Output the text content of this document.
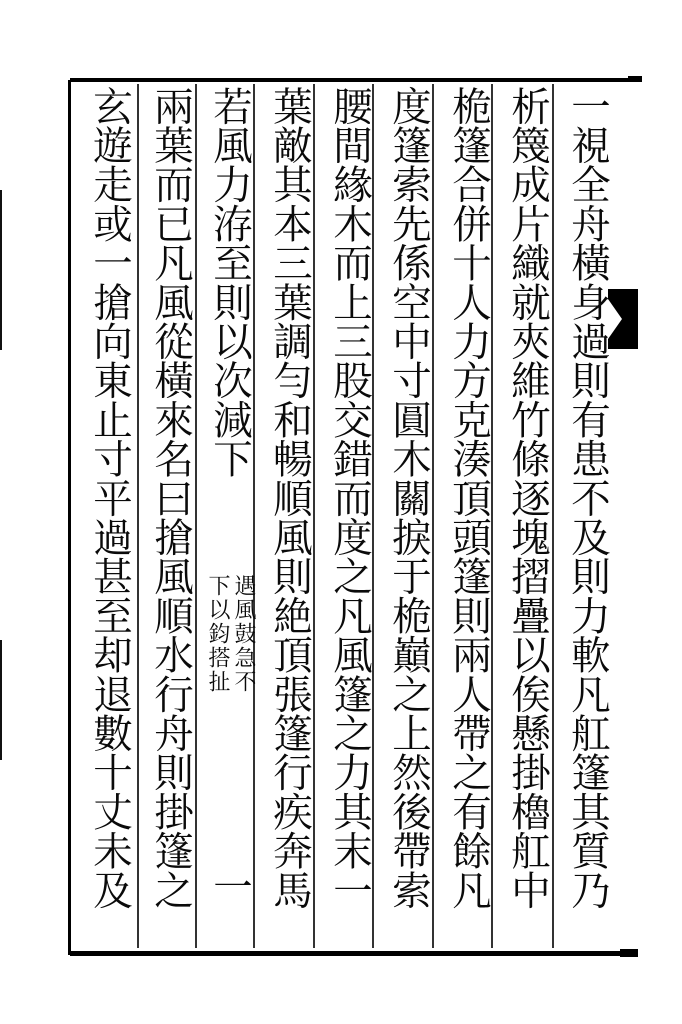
一視全舟橫身過則有患不及則力軟凡舡篷其質乃
析篾成片織就夾維竹條逐塊摺疊以俟懸掛櫓舡中
桅篷合併十人力方克湊頂頭篷則兩人帶之有餘凡
度篷索先係空中寸圓木關捩于桅巔之上然後帶索
腰間緣木而上三股交錯而度之凡風篷之力其末一
葉敵其本三葉調勻和暢順風則絶頂張篷行疾奔馬
若風力洊至則以次減下
遇風鼓急不
下以鈞搭扯
一
兩葉而已凡風從橫來名曰搶風順水行舟則掛篷之
玄遊走或一搶向東止寸平過甚至却退數十丈未及
